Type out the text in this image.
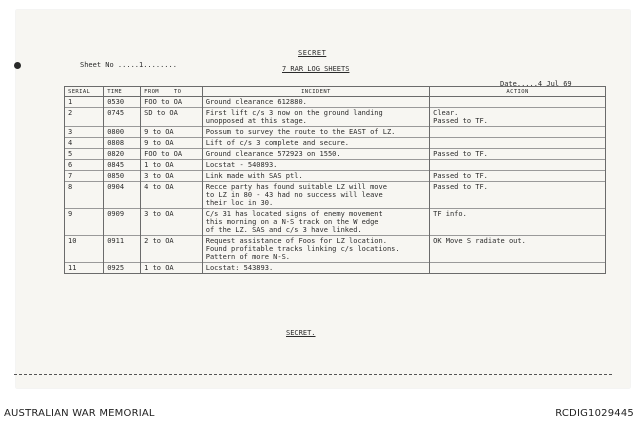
SECRET
7 RAR LOG SHEETS
Sheet No .....1........
Date.....4 Jul 69
SERIAL	TIME	FROM TO	INCIDENT	ACTION
1	0530	FOO to OA	Ground clearance 612880.	
2	0745	SD to OA	First lift c/s 3 now on the ground landing
unopposed at this stage.	Clear.
Passed to TF.
3	0800	9 to OA	Possum to survey the route to the EAST of LZ.	
4	0808	9 to OA	Lift of c/s 3 complete and secure.	
5	0820	FOO to OA	Ground clearance 572923 on 1550.	Passed to TF.
6	0845	1 to OA	Locstat - 540893.	
7	0850	3 to OA	Link made with SAS ptl.	Passed to TF.
8	0904	4 to OA	Recce party has found suitable LZ will move
to LZ in 80 - 43 had no success will leave
their loc in 30.	Passed to TF.
9	0909	3 to OA	C/s 31 has located signs of enemy movement
this morning on a N-S track on the W edge
of the LZ. SAS and c/s 3 have linked.	TF info.
10	0911	2 to OA	Request assistance of Foos for LZ location.
Found profitable tracks linking c/s locations.
Pattern of more N-S.	OK Move S radiate out.
11	0925	1 to OA	Locstat: 543893.	
SECRET.
AUSTRALIAN WAR MEMORIAL	RCDIG1029445
